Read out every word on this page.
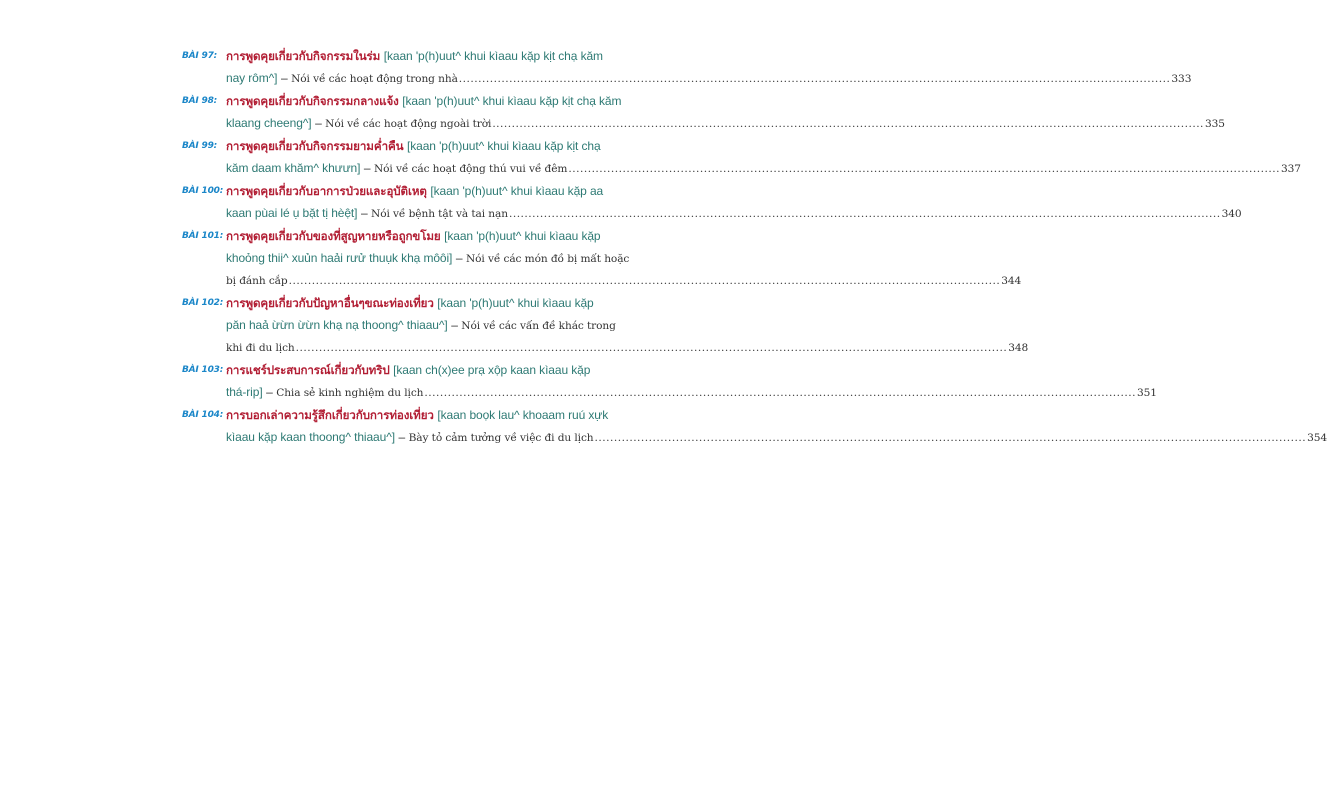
BÀI 97: การพูดคุยเกี่ยวกับกิจกรรมในร่ม [kaan 'p(h)uut^ khui kìaau kặp kịt chạ kăm
nay rôm^] – Nói về các hoạt động trong nhà ........................................................................................................................................................................................ 333
BÀI 98: การพูดคุยเกี่ยวกับกิจกรรมกลางแจ้ง [kaan 'p(h)uut^ khui kìaau kặp kịt chạ kăm
klaang cheeng^] – Nói về các hoạt động ngoài trời ........................................................................................................................................................................................ 335
BÀI 99: การพูดคุยเกี่ยวกับกิจกรรมยามค่ำคืน [kaan 'p(h)uut^ khui kìaau kặp kịt chạ
kăm daam khăm^ khưưn] – Nói về các hoạt động thú vui về đêm ........................................................................................................................................................................................ 337
BÀI 100: การพูดคุยเกี่ยวกับอาการป่วยและอุบัติเหตุ [kaan 'p(h)uut^ khui kìaau kặp aa
kaan pùai lé ụ bặt tị hèệt] – Nói về bệnh tật và tai nạn ........................................................................................................................................................................................ 340
BÀI 101: การพูดคุยเกี่ยวกับของที่สูญหายหรือถูกขโมย [kaan 'p(h)uut^ khui kìaau kặp
khoỏng thii^ xuủn haải rưử thuụk khạ môôi] – Nói về các món đồ bị mất hoặc
bị đánh cắp ........................................................................................................................................................................................ 344
BÀI 102: การพูดคุยเกี่ยวกับปัญหาอื่นๆขณะท่องเที่ยว [kaan 'p(h)uut^ khui kìaau kặp
păn haả ừừn ừừn khạ nạ thoong^ thiaau^] – Nói về các vấn đề khác trong
khi đi du lịch ........................................................................................................................................................................................ 348
BÀI 103: การแชร์ประสบการณ์เกี่ยวกับทริป [kaan ch(x)ee prạ xộp kaan kìaau kặp
thá-rip] – Chia sẻ kinh nghiệm du lịch ........................................................................................................................................................................................ 351
BÀI 104: การบอกเล่าความรู้สึกเกี่ยวกับการท่องเที่ยว [kaan boọk lau^ khoaam ruú xựk
kìaau kặp kaan thoong^ thiaau^] – Bày tỏ cảm tưởng về việc đi du lịch ........................................................................................................................................................................................ 354
